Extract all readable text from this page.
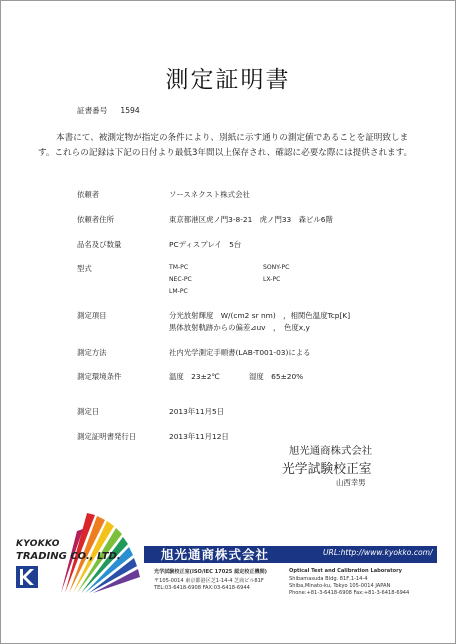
測定証明書
証書番号 1594

本書にて、被測定物が指定の条件により、別紙に示す通りの測定値であることを証明致しま

す。これらの記録は下記の日付より最低3年間以上保存され、確認に必要な際には提供されます。

依頼者	ソースネクスト株式会社
依頼者住所	東京都港区虎ノ門3-8-21　虎ノ門33　森ビル6階
品名及び数量	PCディスプレイ　5台
型式	TM-PC	SONY-PC
NEC-PC	LX-PC
LM-PC
測定項目	分光放射輝度　W/(cm2 sr nm)　，相関色温度Tcp[K]
黒体放射軌跡からの偏差⊿uv　，　色度x,y
測定方法	社内光学測定手順書(LAB-T001-03)による
測定環境条件	温度　23±2℃	湿度　65±20%
測定日	2013年11月5日
測定証明書発行日	2013年11月12日
旭光通商株式会社
光学試験校正室
山西幸男
KYOKKO
TRADING CO., LTD.	旭光通商株式会社	URL:http://www.kyokko.com/
光学試験校正室(ISO/IEC 17025 認定校正機関)
〒105-0014 東京都港区芝1-14-4 芝商ビル81F
TEL:03-6418-6908 FAX:03-6418-6944
Optical Test and Calibration Laboratory
Shibamasuda Bldg. 81F,1-14-4
Shiba,Minato-ku, Tokyo 105-0014 JAPAN
Phone:+81-3-6418-6908 Fax:+81-3-6418-6944
